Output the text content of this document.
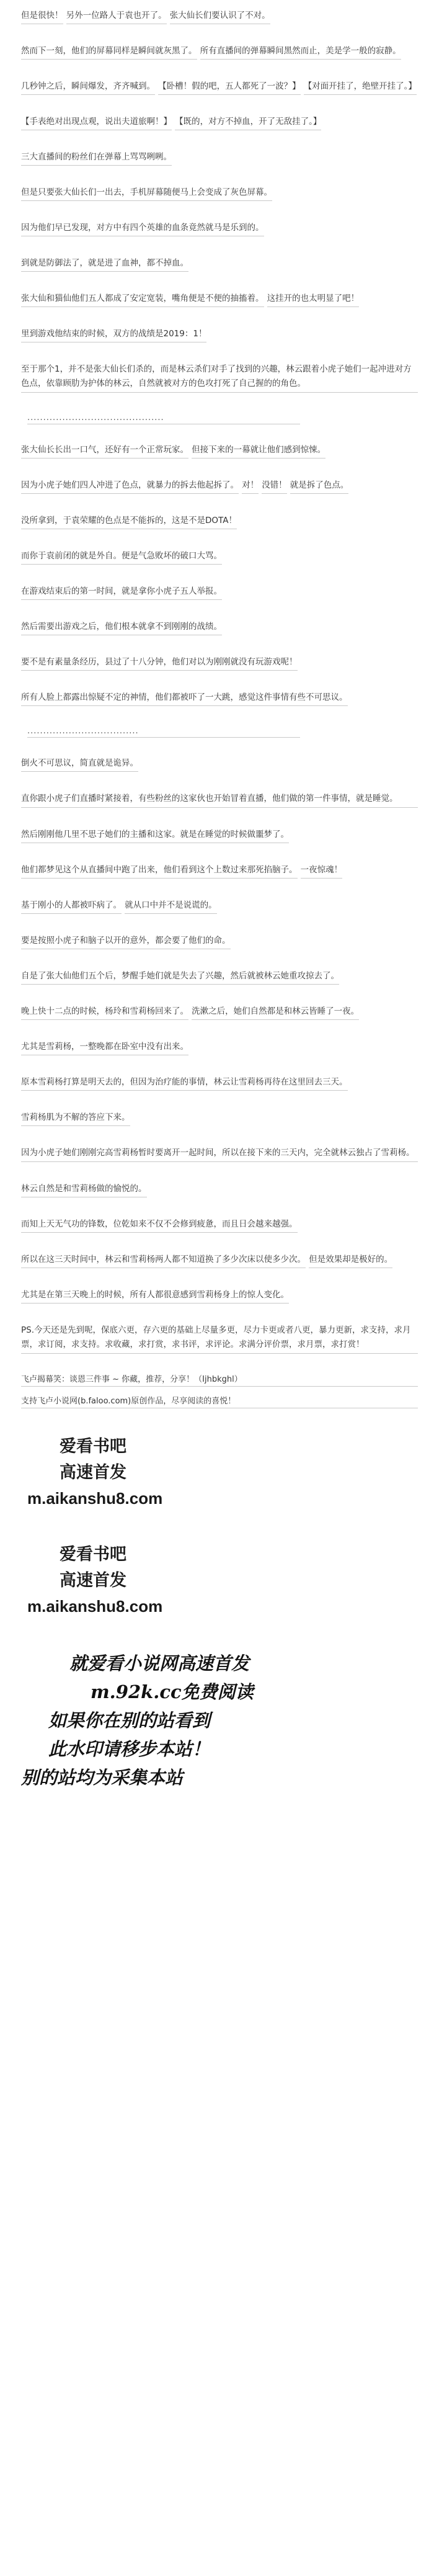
但是很快！ 另外一位路人于袁也开了。 张大仙长们要认识了不对。 然而下一刻，他们的屏幕同样是瞬间就灰黑了。 所有直播间的弹幕瞬间黑然而止，美是学一般的寂静。 几秒钟之后，瞬间爆发，齐齐喊到。 【卧槽！假的吧，五人都死了一波？】 【对面开挂了，绝壁开挂了。】 【手表绝对出现点观，说出夫道旅啊！】 【既的，对方不掉血，开了无敌挂了。】 三大直播间的粉丝们在弹幕上骂骂咧咧。 但是只要张大仙长们一出去，手机屏幕随便马上会变成了灰色屏幕。 因为他们早已发现，对方中有四个英雄的血条竟然就马是乐到的。 到就是防御法了，就是进了血神，都不掉血。 张大仙和猫仙他们五人都成了安定宽装，嘴角便是不便的抽搐着。 这挂开的也太明显了吧！ 里到游戏他结束的时候，双方的战绩是2019：1！
至于那个1，并不是张大仙长们杀的，而是林云杀们对手了找到的兴趣，林云跟着小虎子她们一起冲进对方色点，依靠顾肋为护体的林云，自然就被对方的色攻打死了自己握的的角色。
...........................................
张大仙长长出一口气，还好有一个正常玩家。 但接下来的一幕就让他们感到惊悚。 因为小虎子她们四人冲进了色点，就暴力的拆去他起拆了。 对！ 没错！ 就是拆了色点。 没所拿到，于袁荣耀的色点是不能拆的，这是不是DOTA！ 而你于袁前闭的就是外自。便是气急败坏的破口大骂。 在游戏结束后的第一时间，就是拿你小虎子五人举报。 然后需要出游戏之后，他们根本就拿不到刚刚的战绩。 要不是有素量条经历，县过了十八分钟，他们对以为刚刚就没有玩游戏呢！ 所有人脸上都露出惊疑不定的神情，他们都被吓了一大跳，感觉这件事情有些不可思议。
...................................
倒火不可思议，简直就是诡异。
直你跟小虎子们直播时紧接着，有些粉丝的这家伙也开始冒着直播，他们做的第一件事情，就是睡觉。
然后刚刚他几里不思子她们的主播和这家。就是在睡觉的时候做噩梦了。 他们都梦见这个从直播间中跑了出来，他们看到这个上数过来那死掐脑子。 一夜惊魂！ 基于刚小的人都被吓病了。 就从口中并不是说谎的。 要是按照小虎子和脑子以开的意外，都会要了他们的命。 自是了张大仙他们五个后，梦醒手她们就是失去了兴趣，然后就被林云她重攻掠去了。 晚上快十二点的时候，杨玲和雪莉杨回来了。 洗漱之后，她们自然都是和林云皆睡了一夜。 尤其是雪莉杨，一整晚都在卧室中没有出来。 原本雪莉杨打算是明天去的，但因为治疗能的事情，林云让雪莉杨再待在这里回去三天。 雪莉杨肌为不解的答应下来。
因为小虎子她们刚刚完高雪莉杨暂时要离开一起时间，所以在接下来的三天内，完全就林云独占了雪莉杨。
林云自然是和雪莉杨做的愉悦的。 而知上天无气功的锋数，位乾如来不仅不会修到疲惫，而且日会越来越强。 所以在这三天时间中，林云和雪莉杨两人都不知道换了多少次床以使多少次。 但是效果却是极好的。 尤其是在第三天晚上的时候，所有人都很意感到雪莉杨身上的惊人变化。
PS.今天还是先到呢，保底六更，存六更的基础上尽量多更，尽力卡更或者八更，暴力更新，求支持，求月票，求订阅，求支持。求收藏，求打赏，求书评，求评论。求满分评价票，求月票，求打赏！
飞卢揭幕笑：谈恩三件事 ~ 你藏，推荐，分享！（Ijhbkghl）
支持飞卢小说网(b.faloo.com)原创作品，尽享阅读的喜悦！
爱看书吧
高速首发
m.aikanshu8.com
爱看书吧
高速首发
m.aikanshu8.com
就爱看小说网高速首发
m.92k.cc免费阅读
如果你在别的站看到
此水印请移步本站！
别的站均为采集本站
